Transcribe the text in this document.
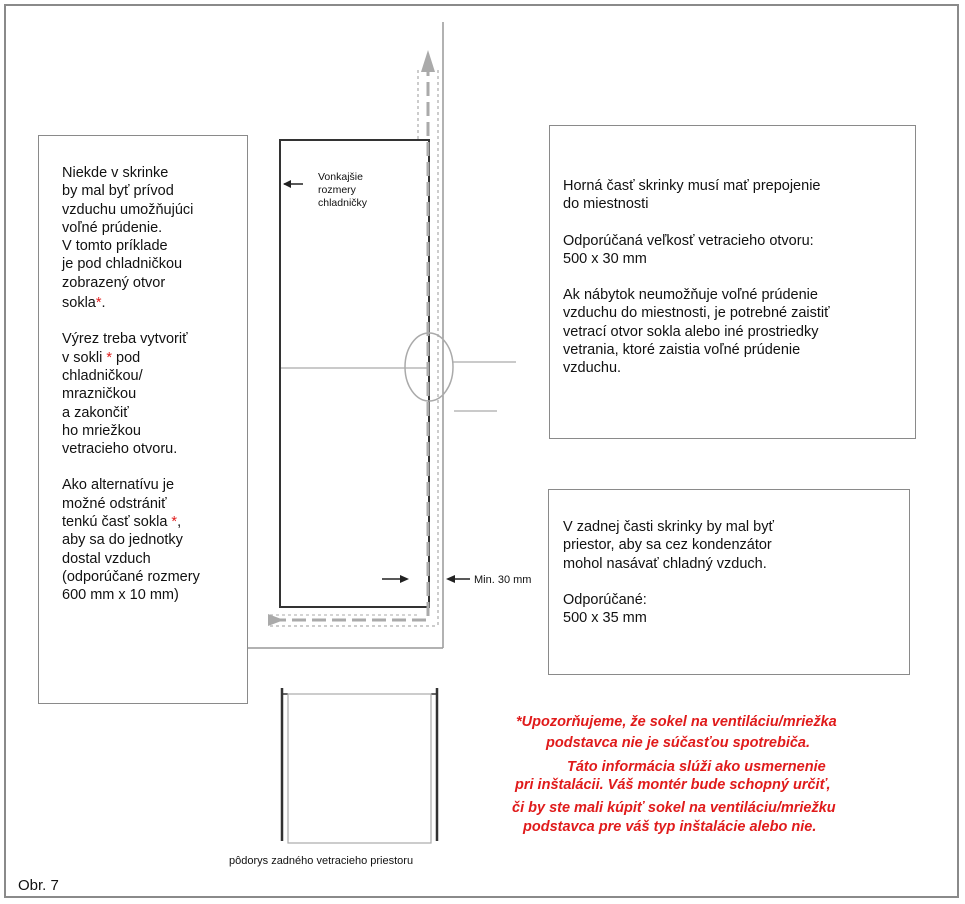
Niekde v skrinke
by mal byť prívod
vzduchu umožňujúci
voľné prúdenie.
V tomto príklade
je pod chladničkou
zobrazený otvor
sokla*.
Výrez treba vytvoriť
v sokli * pod
chladničkou/
mrazničkou
a zakončiť
ho mriežkou
vetracieho otvoru.
Ako alternatívu je
možné odstrániť
tenkú časť sokla *,
aby sa do jednotky
dostal vzduch
(odporúčané rozmery
600 mm x 10 mm)
Vonkajšie
rozmery
chladničky
Min. 30 mm
pôdorys zadného vetracieho priestoru
Horná časť skrinky musí mať prepojenie
do miestnosti
Odporúčaná veľkosť vetracieho otvoru:
500 x 30 mm
Ak nábytok neumožňuje voľné prúdenie
vzduchu do miestnosti, je potrebné zaistiť
vetrací otvor sokla alebo iné prostriedky
vetrania, ktoré zaistia voľné prúdenie
vzduchu.
V zadnej časti skrinky by mal byť
priestor, aby sa cez kondenzátor
mohol nasávať chladný vzduch.
Odporúčané:
500 x 35 mm
*Upozorňujeme, že sokel na ventiláciu/mriežka
podstavca nie je súčasťou spotrebiča.
Táto informácia slúži ako usmernenie
pri inštalácii. Váš montér bude schopný určiť,
či by ste mali kúpiť sokel na ventiláciu/mriežku
podstavca pre váš typ inštalácie alebo nie.
Obr. 7
